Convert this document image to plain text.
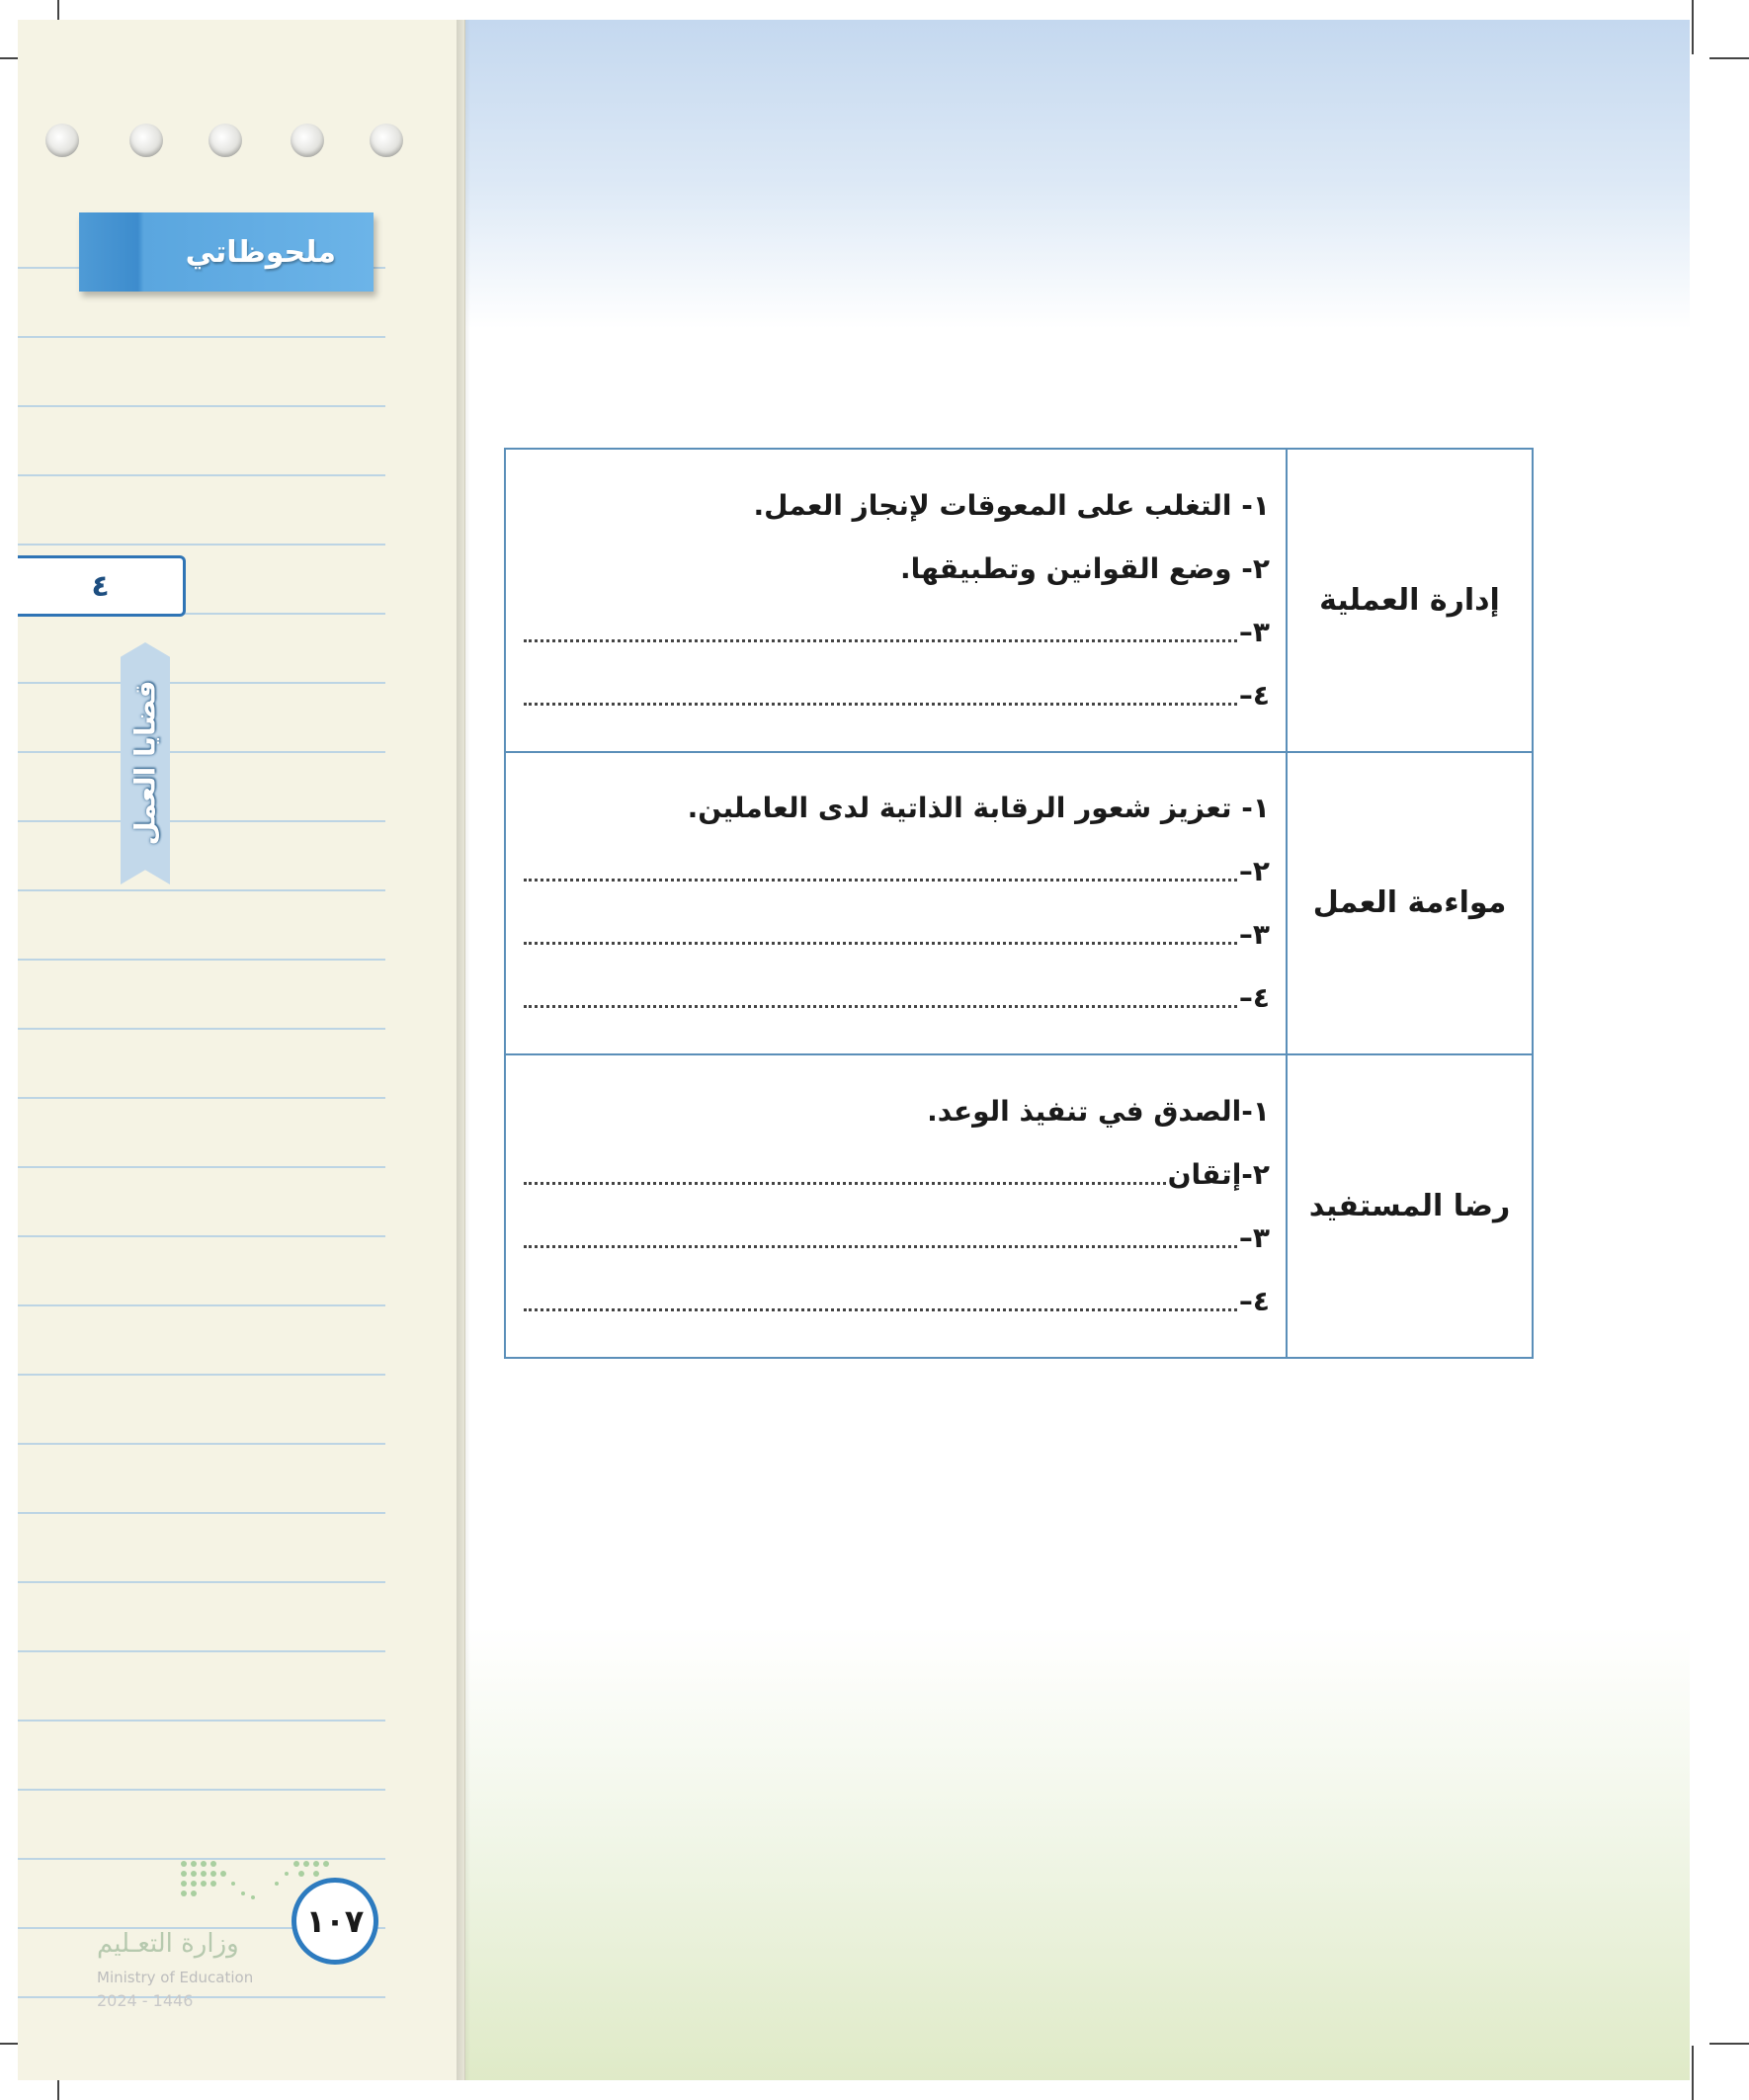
ملحوظاتي
٤
قضايا العمل
إدارة العملية	١- التغلب على المعوقات لإنجاز العمل.
٢- وضع القوانين وتطبيقها.
٣–
٤–

مواءمة العمل	١- تعزيز شعور الرقابة الذاتية لدى العاملين.
٢–
٣–
٤–

رضا المستفيد	١-الصدق في تنفيذ الوعد.
٢-إتقان
٣–
٤–
١٠٧
وزارة التعـليم
Ministry of Education
2024 - 1446
